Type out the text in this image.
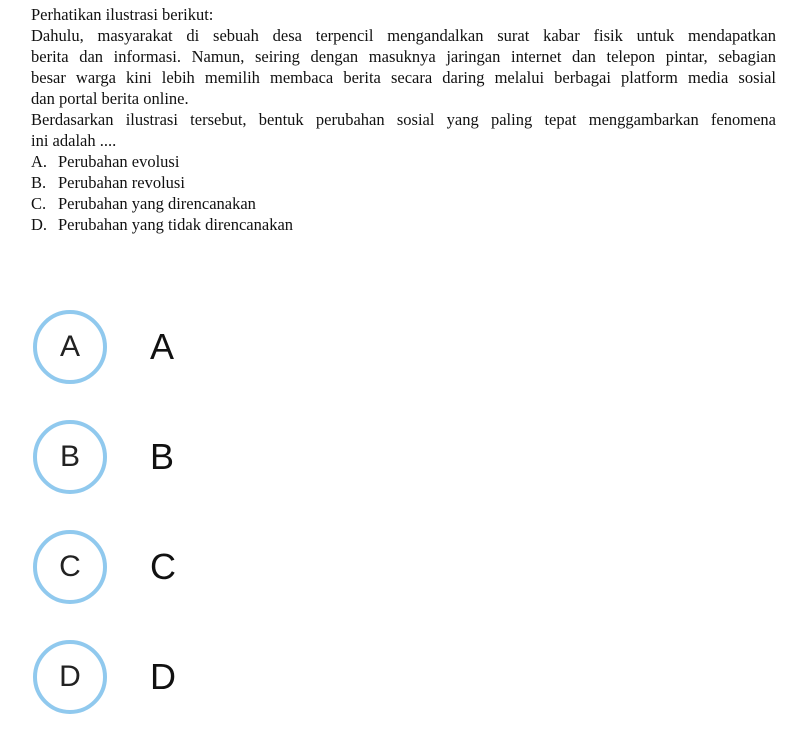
Perhatikan ilustrasi berikut:
Dahulu, masyarakat di sebuah desa terpencil mengandalkan surat kabar fisik untuk mendapatkan
berita dan informasi. Namun, seiring dengan masuknya jaringan internet dan telepon pintar, sebagian
besar warga kini lebih memilih membaca berita secara daring melalui berbagai platform media sosial
dan portal berita online.
Berdasarkan ilustrasi tersebut, bentuk perubahan sosial yang paling tepat menggambarkan fenomena
ini adalah ....
A. Perubahan evolusi
B. Perubahan revolusi
C. Perubahan yang direncanakan
D. Perubahan yang tidak direncanakan
A	A
B	B
C	C
D	D
